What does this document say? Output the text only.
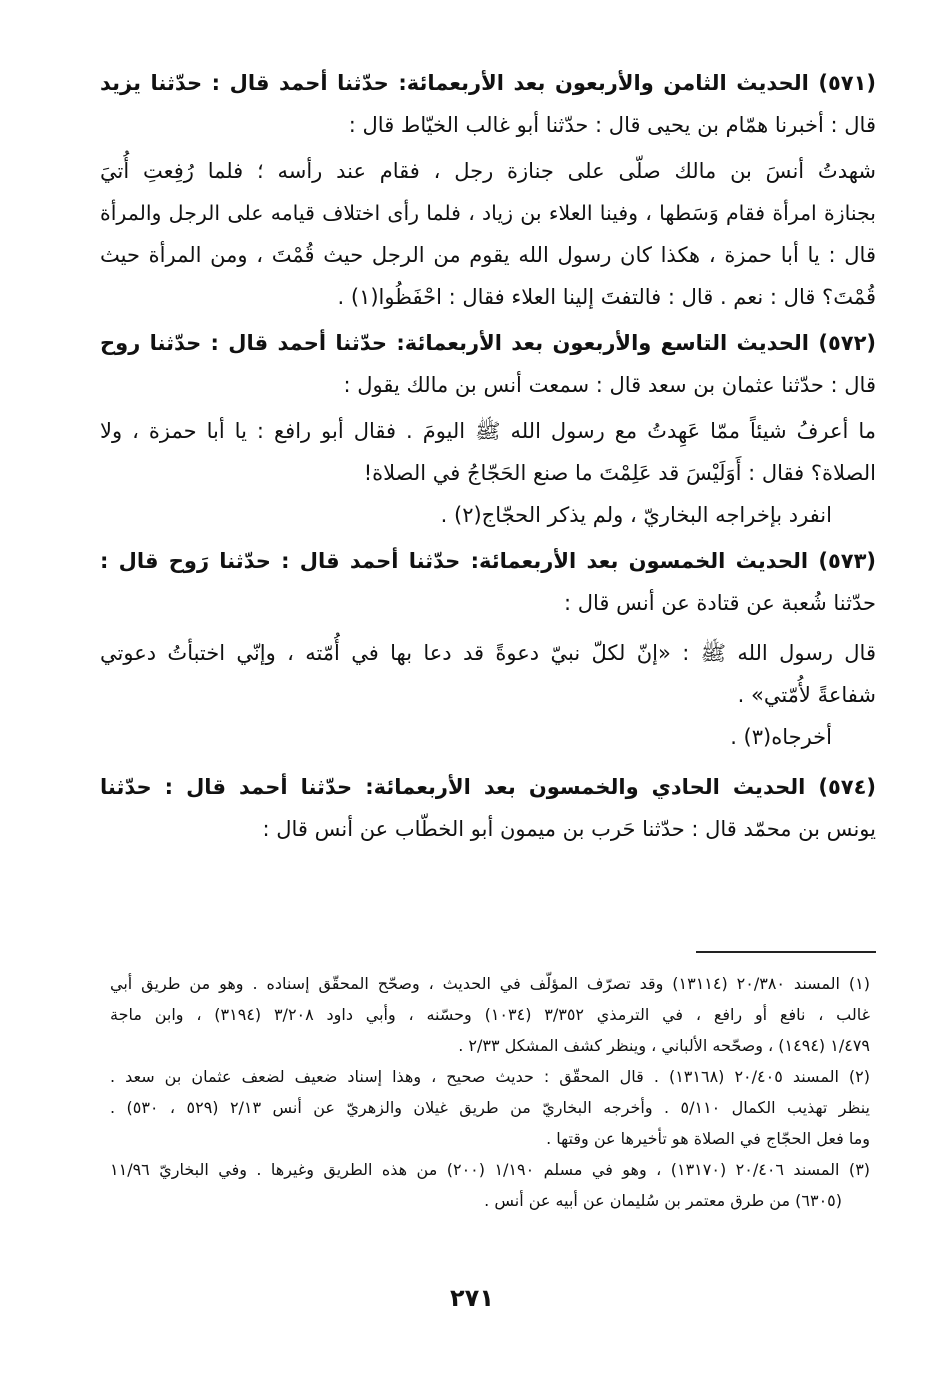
(٥٧١) الحديث الثامن والأربعون بعد الأربعمائة: حدّثنا أحمد قال : حدّثنا يزيد
قال : أخبرنا همّام بن يحيى قال : حدّثنا أبو غالب الخيّاط قال :
شهدتُ أنسَ بن مالك صلّى على جنازة رجل ، فقام عند رأسه ؛ فلما رُفِعتِ أُتيَ
بجنازة امرأة فقام وَسَطها ، وفينا العلاء بن زياد ، فلما رأى اختلاف قيامه على الرجل والمرأة
قال : يا أبا حمزة ، هكذا كان رسول الله يقوم من الرجل حيث قُمْتَ ، ومن المرأة حيث
قُمْتَ؟ قال : نعم . قال : فالتفتَ إلينا العلاء فقال : احْفَظُوا(١) .
(٥٧٢) الحديث التاسع والأربعون بعد الأربعمائة: حدّثنا أحمد قال : حدّثنا روح
قال : حدّثنا عثمان بن سعد قال : سمعت أنس بن مالك يقول :
ما أعرفُ شيئاً ممّا عَهِدتُ مع رسول الله ﷺ اليومَ . فقال أبو رافع : يا أبا حمزة ، ولا
الصلاة؟ فقال : أَوَلَيْسَ قد عَلِمْتَ ما صنع الحَجّاجُ في الصلاة!
انفرد بإخراجه البخاريّ ، ولم يذكر الحجّاج(٢) .
(٥٧٣) الحديث الخمسون بعد الأربعمائة: حدّثنا أحمد قال : حدّثنا رَوح قال :
حدّثنا شُعبة عن قتادة عن أنس قال :
قال رسول الله ﷺ : «إنّ لكلّ نبيّ دعوةً قد دعا بها في أُمّته ، وإنّي اختبأتُ دعوتي
شفاعةً لأُمّتي» .
أخرجاه(٣) .
(٥٧٤) الحديث الحادي والخمسون بعد الأربعمائة: حدّثنا أحمد قال : حدّثنا
يونس بن محمّد قال : حدّثنا حَرب بن ميمون أبو الخطّاب عن أنس قال :
(١) المسند ٢٠/٣٨٠ (١٣١١٤) وقد تصرّف المؤلّف في الحديث ، وصحّح المحقّق إسناده . وهو من طريق أبي
غالب ، نافع أو رافع ، في الترمذي ٣/٣٥٢ (١٠٣٤) وحسّنه ، وأبي داود ٣/٢٠٨ (٣١٩٤) ، وابن ماجة
١/٤٧٩ (١٤٩٤) ، وصحّحه الألباني ، وينظر كشف المشكل ٢/٣٣ .
(٢) المسند ٢٠/٤٠٥ (١٣١٦٨) . قال المحقّق : حديث صحيح ، وهذا إسناد ضعيف لضعف عثمان بن سعد .
ينظر تهذيب الكمال ٥/١١٠ . وأخرجه البخاريّ من طريق غيلان والزهريّ عن أنس ٢/١٣ (٥٢٩ ، ٥٣٠) .
وما فعل الحجّاج في الصلاة هو تأخيرها عن وقتها .
(٣) المسند ٢٠/٤٠٦ (١٣١٧٠) ، وهو في مسلم ١/١٩٠ (٢٠٠) من هذه الطريق وغيرها . وفي البخاريّ ١١/٩٦
(٦٣٠٥) من طرق معتمر بن سُليمان عن أبيه عن أنس .
٢٧١
